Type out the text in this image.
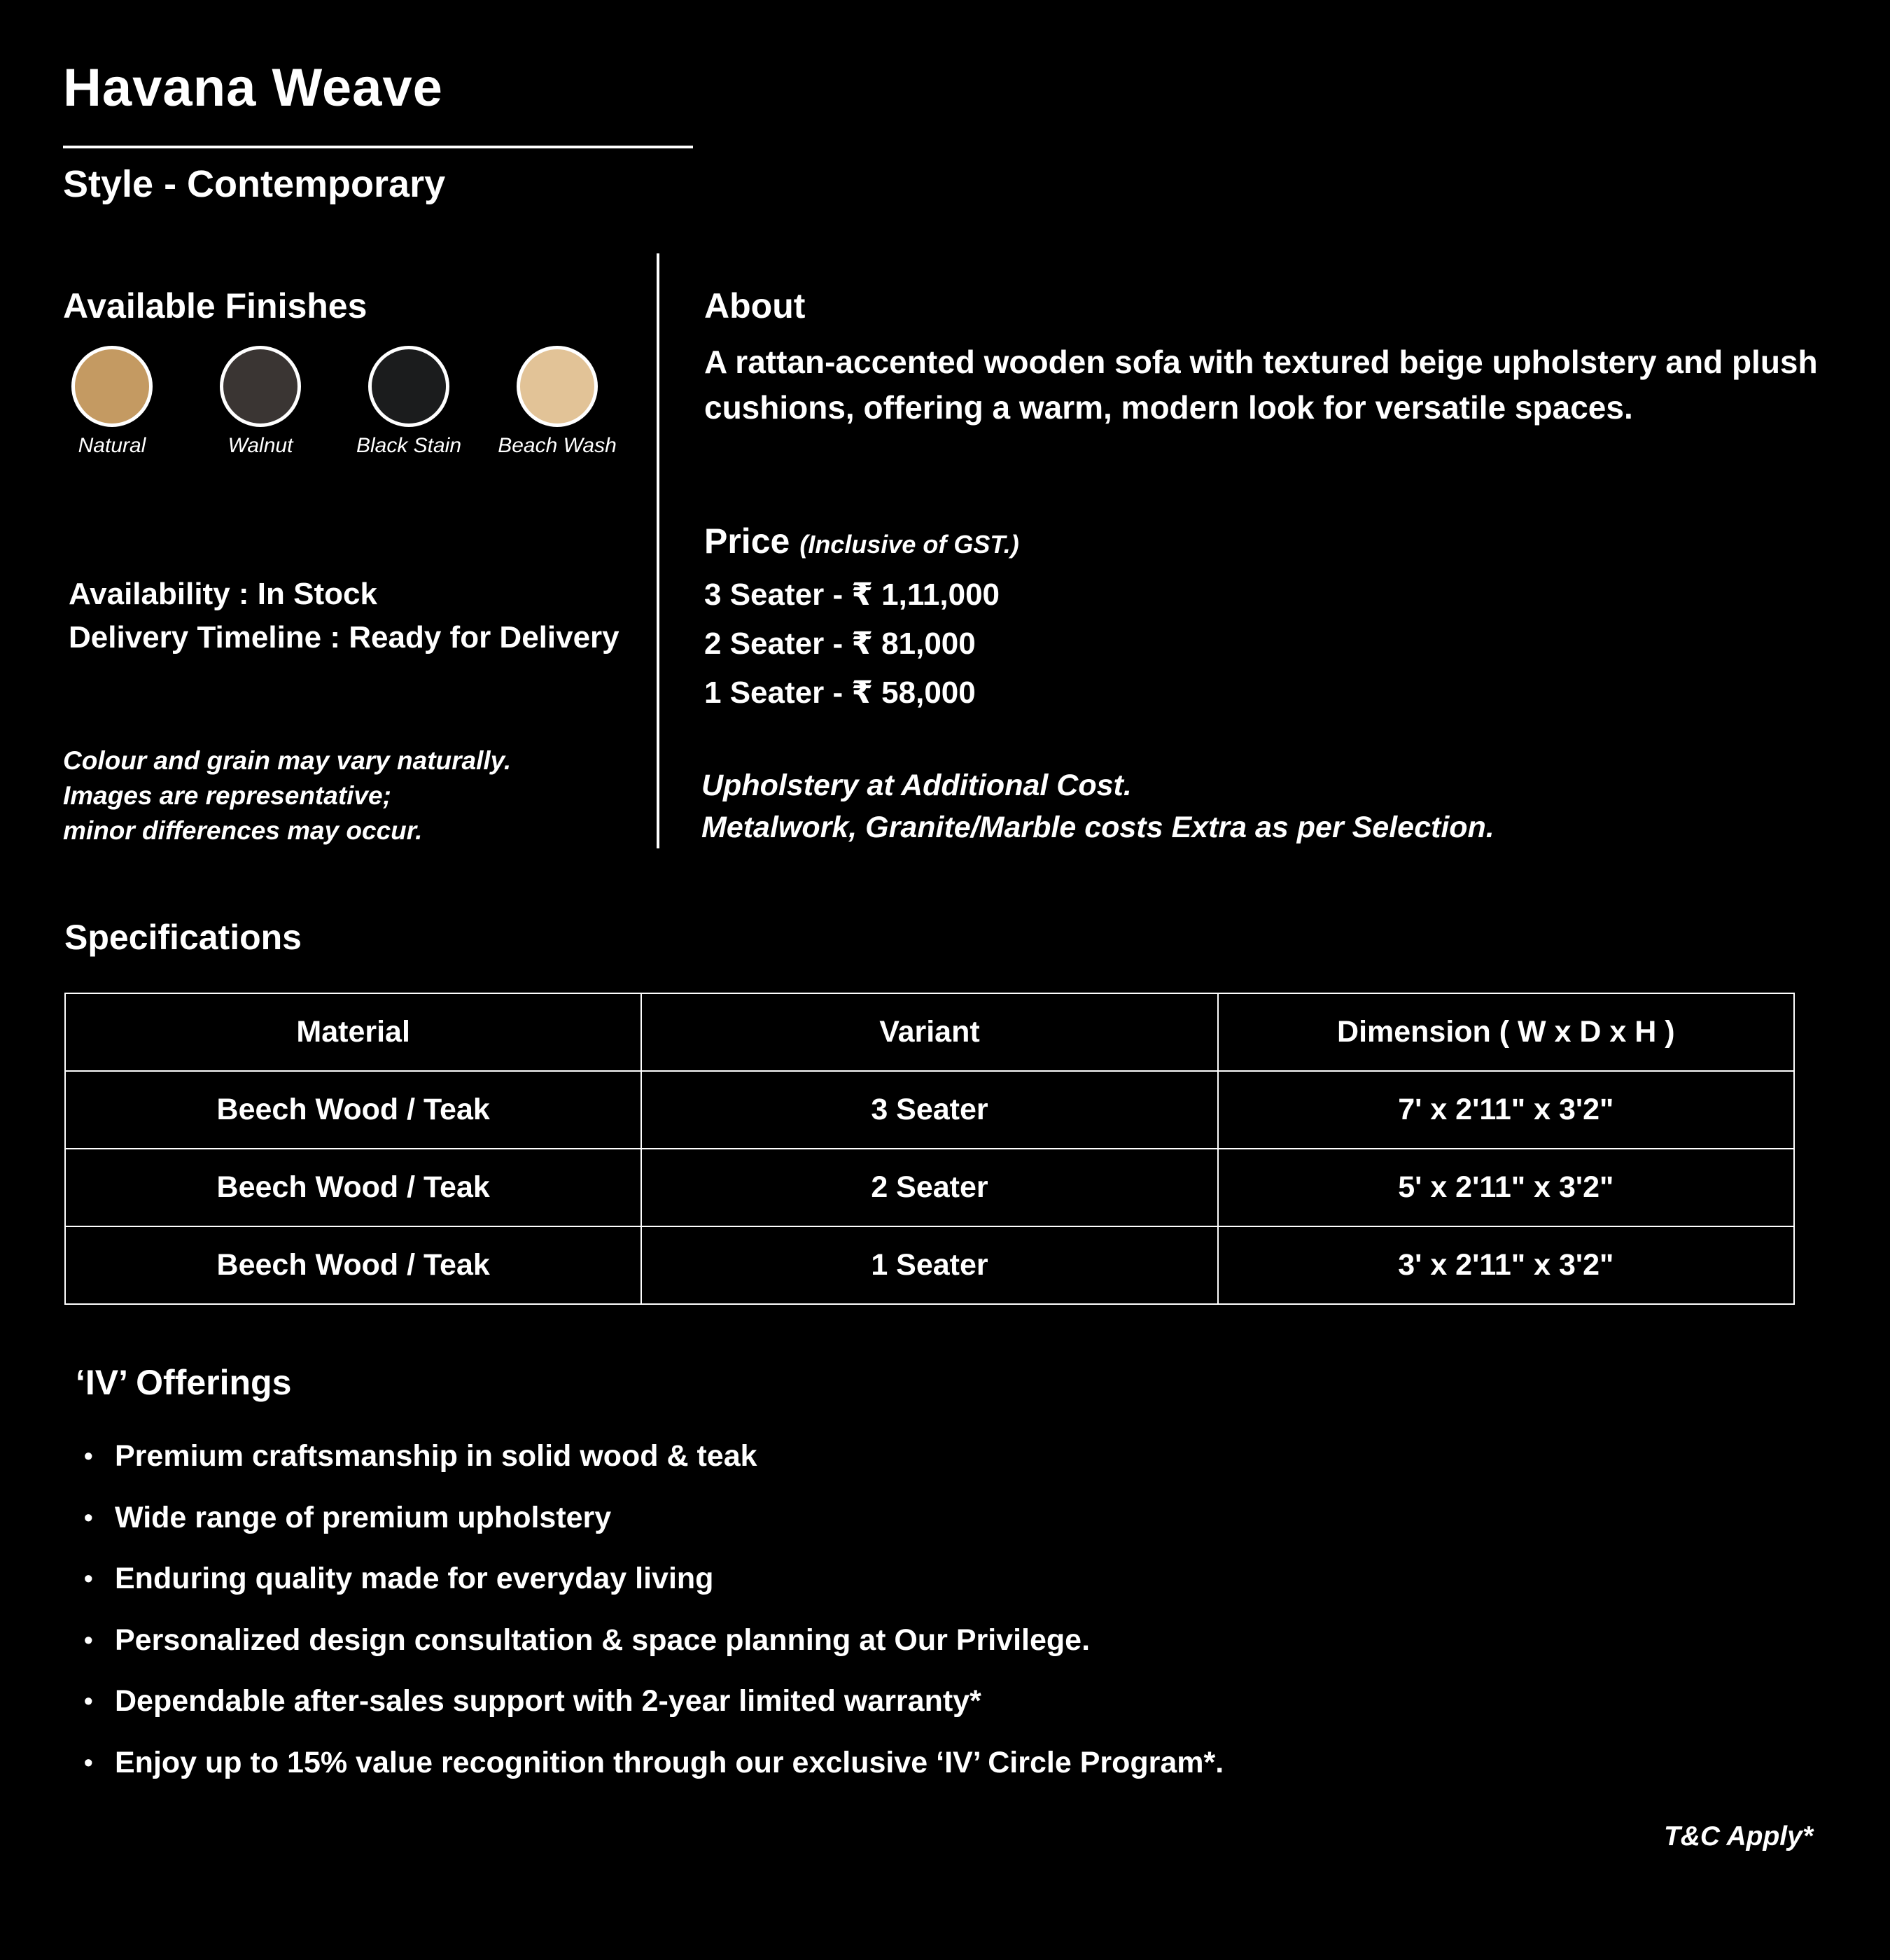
Havana Weave
Style - Contemporary
Available Finishes
Natural	Walnut	Black Stain	Beach Wash
Availability : In Stock
Delivery Timeline : Ready for Delivery
Colour and grain may vary naturally.
Images are representative;
minor differences may occur.
About
A rattan-accented wooden sofa with textured beige upholstery and plush cushions, offering a warm, modern look for versatile spaces.
Price (Inclusive of GST.)
3 Seater - ₹ 1,11,000
2 Seater - ₹ 81,000
1 Seater - ₹ 58,000
Upholstery at Additional Cost.
Metalwork, Granite/Marble costs Extra as per Selection.
Specifications
Material	Variant	Dimension ( W x D x H )
Beech Wood / Teak	3 Seater	7' x 2'11" x 3'2"
Beech Wood / Teak	2 Seater	5' x 2'11" x 3'2"
Beech Wood / Teak	1 Seater	3' x 2'11" x 3'2"
‘IV’ Offerings
• Premium craftsmanship in solid wood & teak
• Wide range of premium upholstery
• Enduring quality made for everyday living
• Personalized design consultation & space planning at Our Privilege.
• Dependable after-sales support with 2-year limited warranty*
• Enjoy up to 15% value recognition through our exclusive ‘IV’ Circle Program*.
T&C Apply*
